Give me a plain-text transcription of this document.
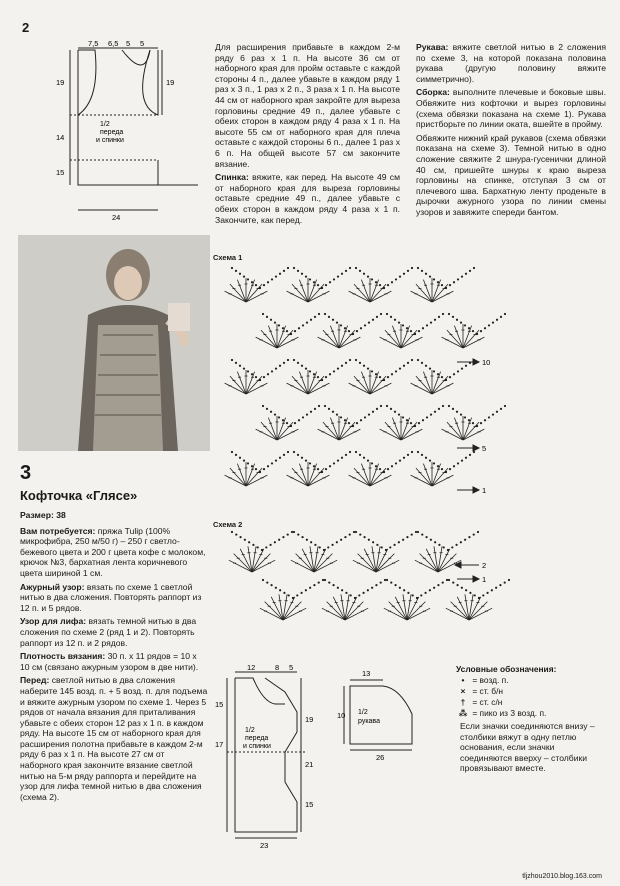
2
7,5 6,5 5 5
19
14
15
19
24
1/2
переда
и спинки
3
Кофточка «Глясе»

Размер: 38

Вам потребуется: пряжа Tulip (100% микрофибра, 250 м/50 г) – 250 г светло-бежевого цвета и 200 г цвета кофе с молоком, крючок №3, бархатная лента коричневого цвета шириной 1 см.

Ажурный узор: вязать по схеме 1 светлой нитью в два сложения. Повторять раппорт из 12 п. и 5 рядов.

Узор для лифа: вязать темной нитью в два сложения по схеме 2 (ряд 1 и 2). Повторять раппорт из 12 п. и 2 рядов.

Плотность вязания: 30 п. х 11 рядов = 10 х 10 см (связано ажурным узором в две нити).

Перед: светлой нитью в два сложения наберите 145 возд. п. + 5 возд. п. для подъема и вяжите ажурным узором по схеме 1. Через 5 рядов от начала вязания для приталивания убавьте с обеих сторон 12 раз х 1 п. в каждом ряду. На высоте 15 см от наборного края для расширения полотна прибавьте в каждом 2-м ряду 6 раз х 1 п. На высоте 27 см от наборного края закончите вязание светлой нитью на 5-м ряду раппорта и перейдите на узор для лифа темной нитью в два сложения (схема 2).

Для расширения прибавьте в каждом 2-м ряду 6 раз х 1 п. На высоте 36 см от наборного края для пройм оставьте с каждой стороны 4 п., далее убавьте в каждом ряду 1 раз х 3 п., 1 раз х 2 п., 3 раза х 1 п. На высоте 44 см от наборного края закройте для выреза горловины средние 49 п., далее убавьте с обеих сторон в каждом ряду 4 раза х 1 п. На высоте 55 см от наборного края для плеча оставьте с каждой стороны 6 п., далее 1 раз х 6 п. На общей высоте 57 см закончите вязание.

Спинка: вяжите, как перед. На высоте 49 см от наборного края для выреза горловины оставьте средние 49 п., далее убавьте с обеих сторон в каждом ряду 4 раза х 1 п. Закончите, как перед.

Рукава: вяжите светлой нитью в 2 сложения по схеме 3, на которой показана половина рукава (другую половину вяжите симметрично).

Сборка: выполните плечевые и боковые швы. Обвяжите низ кофточки и вырез горловины (схема обвязки показана на схеме 1). Рукава пристборьте по линии оката, вшейте в пройму.

Обвяжите нижний край рукавов (схема обвязки показана на схеме 3). Темной нитью в одно сложение свяжите 2 шнура-гусенички длиной 40 см, пришейте шнуры к краю выреза горловины на спинке, отступая 3 см от плечевого шва. Бархатную ленту проденьте в дырочки ажурного узора по линии смены узоров и завяжите спереди бантом.

Схема 1
10
5
1
Схема 2
2
1
12	8 5
15
17
19
21
15
23
1/2
переда
и спинки
13
10
26
1/2
рукава
Условные обозначения:
• = возд. п.
× = ст. б/н
† = ст. с/н
⁂ = пико из 3 возд. п.

Если значки соединяются внизу – столбики вяжут в одну петлю основания, если значки соединяются вверху – столбики провязывают вместе.

tljzhou2010.blog.163.com
